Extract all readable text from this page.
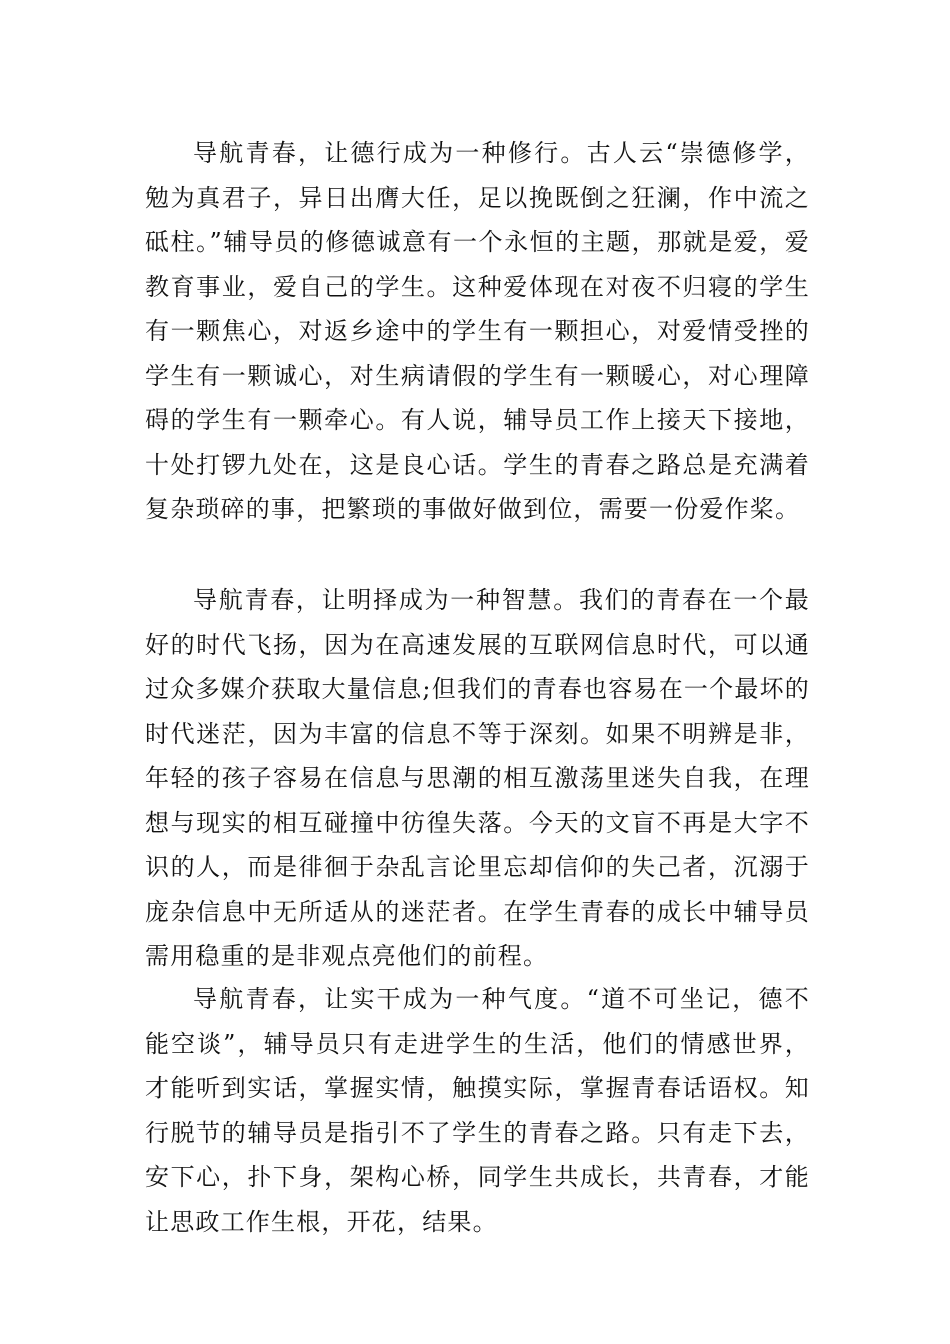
导航青春，让德行成为一种修行。古人云“崇德修学，勉为真君子，异日出膺大任，足以挽既倒之狂澜，作中流之砥柱。”辅导员的修德诚意有一个永恒的主题，那就是爱，爱教育事业，爱自己的学生。这种爱体现在对夜不归寝的学生有一颗焦心，对返乡途中的学生有一颗担心，对爱情受挫的学生有一颗诚心，对生病请假的学生有一颗暖心，对心理障碍的学生有一颗牵心。有人说，辅导员工作上接天下接地，十处打锣九处在，这是良心话。学生的青春之路总是充满着复杂琐碎的事，把繁琐的事做好做到位，需要一份爱作桨。

导航青春，让明择成为一种智慧。我们的青春在一个最好的时代飞扬，因为在高速发展的互联网信息时代，可以通过众多媒介获取大量信息;但我们的青春也容易在一个最坏的时代迷茫，因为丰富的信息不等于深刻。如果不明辨是非，年轻的孩子容易在信息与思潮的相互激荡里迷失自我，在理想与现实的相互碰撞中彷徨失落。今天的文盲不再是大字不识的人，而是徘徊于杂乱言论里忘却信仰的失己者，沉溺于庞杂信息中无所适从的迷茫者。在学生青春的成长中辅导员需用稳重的是非观点亮他们的前程。

导航青春，让实干成为一种气度。“道不可坐记，德不能空谈”，辅导员只有走进学生的生活，他们的情感世界，才能听到实话，掌握实情，触摸实际，掌握青春话语权。知行脱节的辅导员是指引不了学生的青春之路。只有走下去，安下心，扑下身，架构心桥，同学生共成长，共青春，才能让思政工作生根，开花，结果。
